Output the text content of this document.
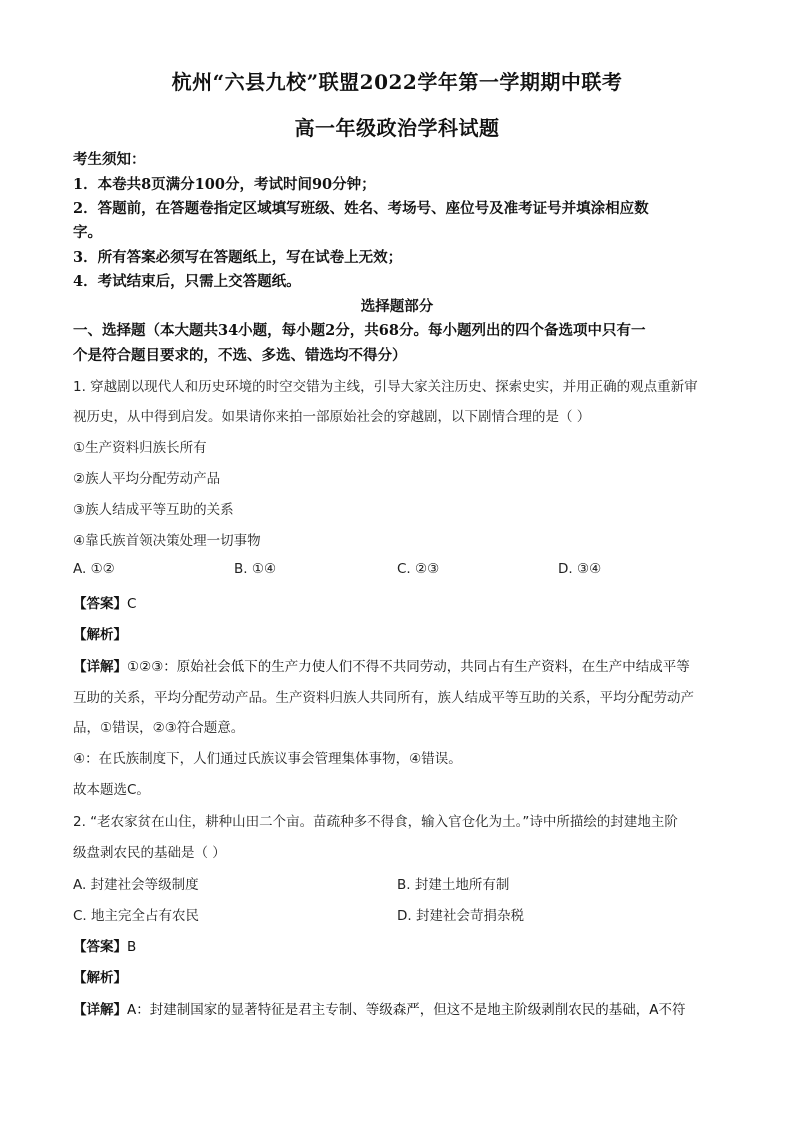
杭州“六县九校”联盟2022学年第一学期期中联考
高一年级政治学科试题
考生须知：
1．本卷共8页满分100分，考试时间90分钟；
2．答题前，在答题卷指定区域填写班级、姓名、考场号、座位号及准考证号并填涂相应数
字。
3．所有答案必须写在答题纸上，写在试卷上无效；
4．考试结束后，只需上交答题纸。
选择题部分
一、选择题（本大题共34小题，每小题2分，共68分。每小题列出的四个备选项中只有一
个是符合题目要求的，不选、多选、错选均不得分）
1. 穿越剧以现代人和历史环境的时空交错为主线，引导大家关注历史、探索史实，并用正确的观点重新审
视历史，从中得到启发。如果请你来拍一部原始社会的穿越剧，以下剧情合理的是（ ）
①生产资料归族长所有
②族人平均分配劳动产品
③族人结成平等互助的关系
④靠氏族首领决策处理一切事物
A. ①②	B. ①④	C. ②③	D. ③④
【答案】C
【解析】
【详解】①②③：原始社会低下的生产力使人们不得不共同劳动，共同占有生产资料，在生产中结成平等
互助的关系，平均分配劳动产品。生产资料归族人共同所有，族人结成平等互助的关系，平均分配劳动产
品，①错误，②③符合题意。
④：在氏族制度下，人们通过氏族议事会管理集体事物，④错误。
故本题选C。
2. “老农家贫在山住，耕种山田二个亩。苗疏种多不得食，输入官仓化为土。”诗中所描绘的封建地主阶
级盘剥农民的基础是（ ）
A. 封建社会等级制度	B. 封建土地所有制
C. 地主完全占有农民	D. 封建社会苛捐杂税
【答案】B
【解析】
【详解】A：封建制国家的显著特征是君主专制、等级森严，但这不是地主阶级剥削农民的基础，A不符
